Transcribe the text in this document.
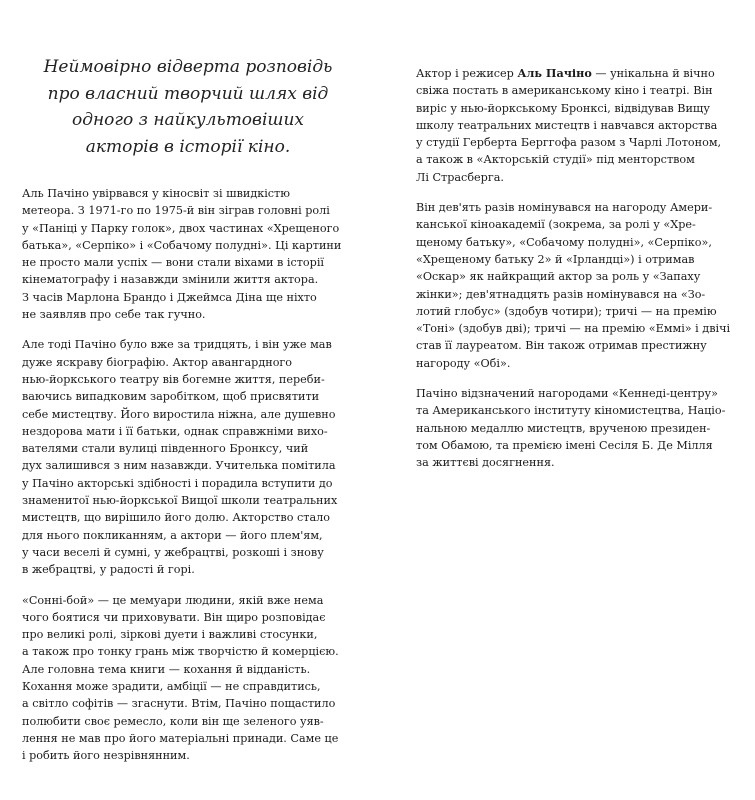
Неймовірно відверта розповідь
про власний творчий шлях від
одного з найкультовіших
акторів в історії кіно.

Аль Пачіно увірвався у кіносвіт зі швидкістю
метеора. З 1971-го по 1975-й він зіграв головні ролі
у «Паніці у Парку голок», двох частинах «Хрещеного
батька», «Серпіко» і «Собачому полудні». Ці картини
не просто мали успіх — вони стали віхами в історії
кінематографу і назавжди змінили життя актора.
З часів Марлона Брандо і Джеймса Діна ще ніхто
не заявляв про себе так гучно.

Але тоді Пачіно було вже за тридцять, і він уже мав
дуже яскраву біографію. Актор авангардного
нью-йоркського театру вів богемне життя, переби-
ваючись випадковим заробітком, щоб присвятити
себе мистецтву. Його виростила ніжна, але душевно
нездорова мати і її батьки, однак справжніми вихо-
вателями стали вулиці південного Бронксу, чий
дух залишився з ним назавжди. Учителька помітила
у Пачіно акторські здібності і порадила вступити до
знаменитої нью-йоркської Вищої школи театральних
мистецтв, що вирішило його долю. Акторство стало
для нього покликанням, а актори — його плем'ям,
у часи веселі й сумні, у жебрацтві, розкоші і знову
в жебрацтві, у радості й горі.

«Сонні-бой» — це мемуари людини, якій вже нема
чого боятися чи приховувати. Він щиро розповідає
про великі ролі, зіркові дуети і важливі стосунки,
а також про тонку грань між творчістю й комерцією.
Але головна тема книги — кохання й відданість.
Кохання може зрадити, амбіції — не справдитись,
а світло софітів — згаснути. Втім, Пачіно пощастило
полюбити своє ремесло, коли він ще зеленого уяв-
лення не мав про його матеріальні принади. Саме це
і робить його незрівнянним.

Актор і режисер Аль Пачіно — унікальна й вічно
свіжа постать в американському кіно і театрі. Він
виріс у нью-йоркському Бронксі, відвідував Вищу
школу театральних мистецтв і навчався акторства
у студії Герберта Берггофа разом з Чарлі Лотоном,
а також в «Акторській студії» під менторством
Лі Страсберга.

Він дев'ять разів номінувався на нагороду Амери-
канської кіноакадемії (зокрема, за ролі у «Хре-
щеному батьку», «Собачому полудні», «Серпіко»,
«Хрещеному батьку 2» й «Ірландці») і отримав
«Оскар» як найкращий актор за роль у «Запаху
жінки»; дев'ятнадцять разів номінувався на «Зо-
лотий глобус» (здобув чотири); тричі — на премію
«Тоні» (здобув дві); тричі — на премію «Еммі» і двічі
став її лауреатом. Він також отримав престижну
нагороду «Обі».

Пачіно відзначений нагородами «Кеннеді-центру»
та Американського інституту кіномистецтва, Націо-
нальною медаллю мистецтв, врученою президен-
том Обамою, та премією імені Сесіля Б. Де Мілля
за життєві досягнення.
